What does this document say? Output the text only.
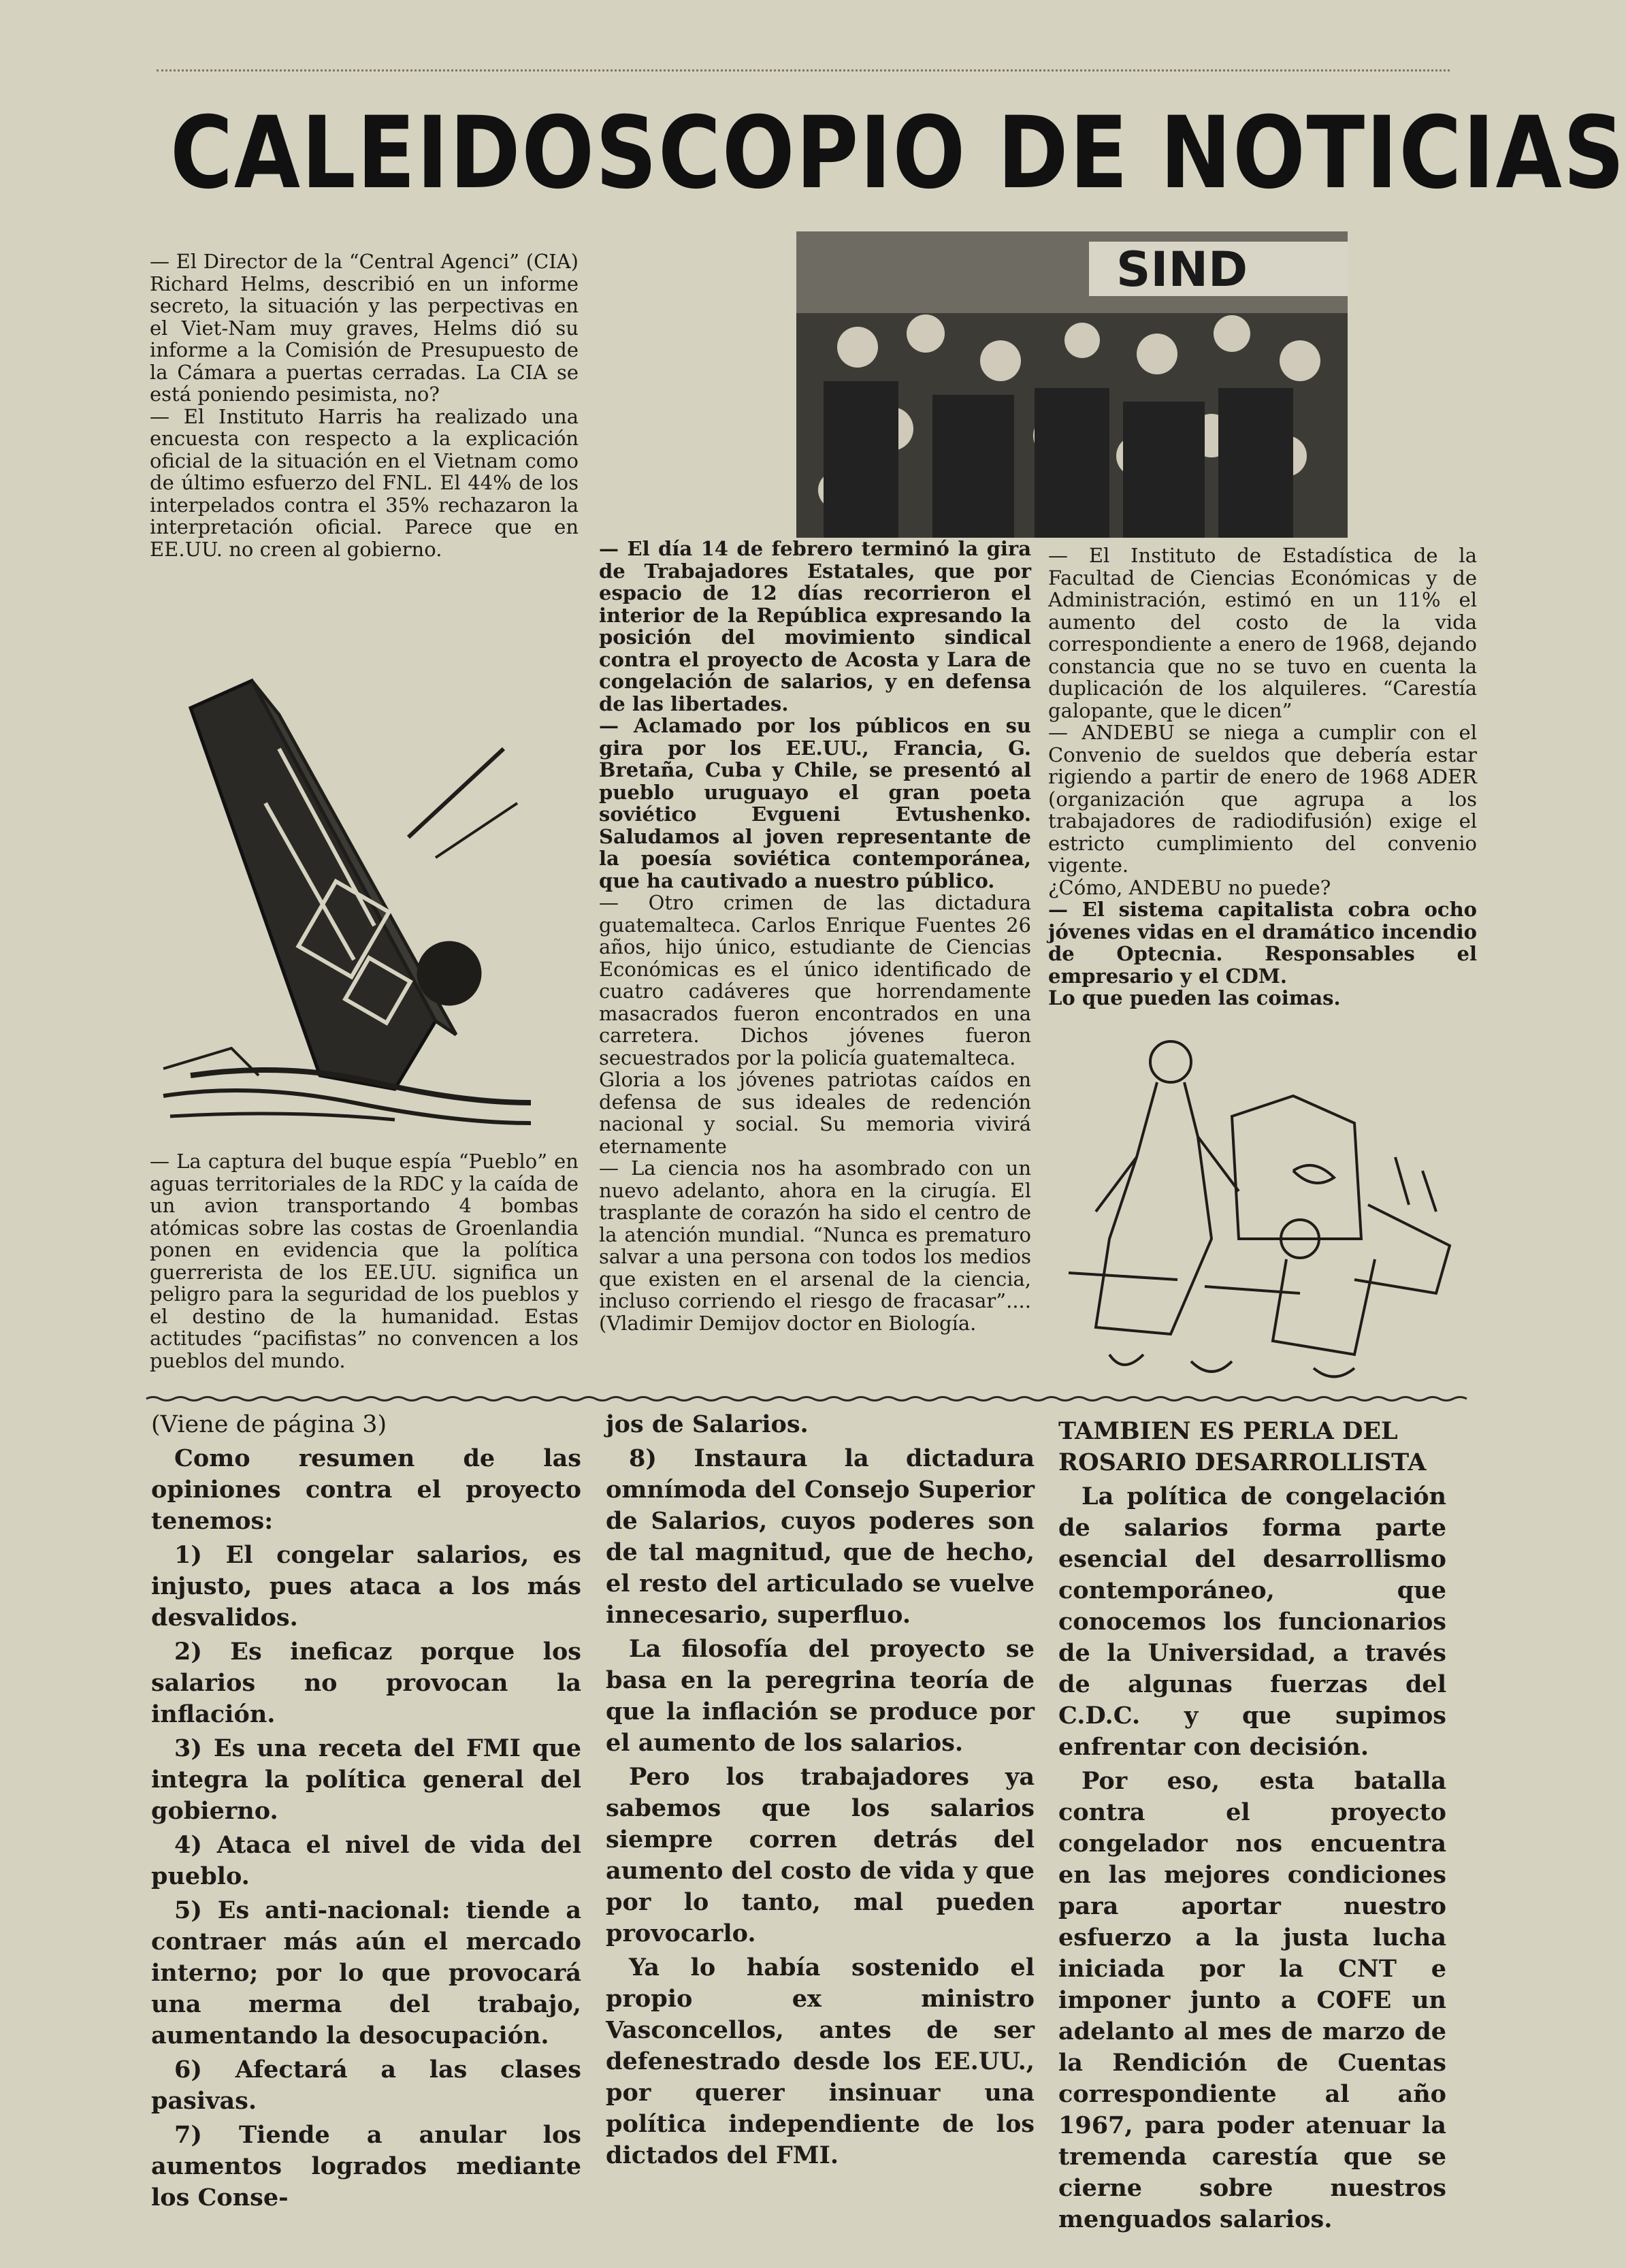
CALEIDOSCOPIO DE NOTICIAS

— El Director de la “Central Agenci” (CIA) Richard Helms, describió en un informe secreto, la situación y las perpectivas en el Viet-Nam muy graves, Helms dió su informe a la Comisión de Presupuesto de la Cámara a puertas cerradas. La CIA se está poniendo pesimista, no?

— El Instituto Harris ha realizado una encuesta con respecto a la explicación oficial de la situación en el Vietnam como de último esfuerzo del FNL. El 44% de los interpelados contra el 35% rechazaron la interpretación oficial. Parece que en EE.UU. no creen al gobierno.

— La captura del buque espía “Pueblo” en aguas territoriales de la RDC y la caída de un avion transportando 4 bombas atómicas sobre las costas de Groenlandia ponen en evidencia que la política guerrerista de los EE.UU. significa un peligro para la seguridad de los pueblos y el destino de la humanidad. Estas actitudes “pacifistas” no convencen a los pueblos del mundo.

SIND

— El día 14 de febrero terminó la gira de Trabajadores Estatales, que por espacio de 12 días recorrieron el interior de la República expresando la posición del movimiento sindical contra el proyecto de Acosta y Lara de congelación de salarios, y en defensa de las libertades.

— Aclamado por los públicos en su gira por los EE.UU., Francia, G. Bretaña, Cuba y Chile, se presentó al pueblo uruguayo el gran poeta soviético Evgueni Evtushenko. Saludamos al joven representante de la poesía soviética contemporánea, que ha cautivado a nuestro público.

— Otro crimen de las dictadura guatemalteca. Carlos Enrique Fuentes 26 años, hijo único, estudiante de Ciencias Económicas es el único identificado de cuatro cadáveres que horrendamente masacrados fueron encontrados en una carretera. Dichos jóvenes fueron secuestrados por la policía guatemalteca.

Gloria a los jóvenes patriotas caídos en defensa de sus ideales de redención nacional y social. Su memoria vivirá eternamente

— La ciencia nos ha asombrado con un nuevo adelanto, ahora en la cirugía. El trasplante de corazón ha sido el centro de la atención mundial. “Nunca es prematuro salvar a una persona con todos los medios que existen en el arsenal de la ciencia, incluso corriendo el riesgo de fracasar”.... (Vladimir Demijov doctor en Biología.

— El Instituto de Estadística de la Facultad de Ciencias Económicas y de Administración, estimó en un 11% el aumento del costo de la vida correspondiente a enero de 1968, dejando constancia que no se tuvo en cuenta la duplicación de los alquileres. “Carestía galopante, que le dicen”

— ANDEBU se niega a cumplir con el Convenio de sueldos que debería estar rigiendo a partir de enero de 1968 ADER (organización que agrupa a los trabajadores de radiodifusión) exige el estricto cumplimiento del convenio vigente.

¿Cómo, ANDEBU no puede?

— El sistema capitalista cobra ocho jóvenes vidas en el dramático incendio de Optecnia. Responsables el empresario y el CDM.

Lo que pueden las coimas.

(Viene de página 3)

Como resumen de las opiniones contra el proyecto tenemos:

1) El congelar salarios, es injusto, pues ataca a los más desvalidos.

2) Es ineficaz porque los salarios no provocan la inflación.

3) Es una receta del FMI que integra la política general del gobierno.

4) Ataca el nivel de vida del pueblo.

5) Es anti-nacional: tiende a contraer más aún el mercado interno; por lo que provocará una merma del trabajo, aumentando la desocupación.

6) Afectará a las clases pasivas.

7) Tiende a anular los aumentos logrados mediante los Conse-

jos de Salarios.

8) Instaura la dictadura omnímoda del Consejo Superior de Salarios, cuyos poderes son de tal magnitud, que de hecho, el resto del articulado se vuelve innecesario, superfluo.

La filosofía del proyecto se basa en la peregrina teoría de que la inflación se produce por el aumento de los salarios.

Pero los trabajadores ya sabemos que los salarios siempre corren detrás del aumento del costo de vida y que por lo tanto, mal pueden provocarlo.

Ya lo había sostenido el propio ex ministro Vasconcellos, antes de ser defenestrado desde los EE.UU., por querer insinuar una política independiente de los dictados del FMI.

TAMBIEN ES PERLA DEL ROSARIO DESARROLLISTA

La política de congelación de salarios forma parte esencial del desarrollismo contemporáneo, que conocemos los funcionarios de la Universidad, a través de algunas fuerzas del C.D.C. y que supimos enfrentar con decisión.

Por eso, esta batalla contra el proyecto congelador nos encuentra en las mejores condiciones para aportar nuestro esfuerzo a la justa lucha iniciada por la CNT e imponer junto a COFE un adelanto al mes de marzo de la Rendición de Cuentas correspondiente al año 1967, para poder atenuar la tremenda carestía que se cierne sobre nuestros menguados salarios.
